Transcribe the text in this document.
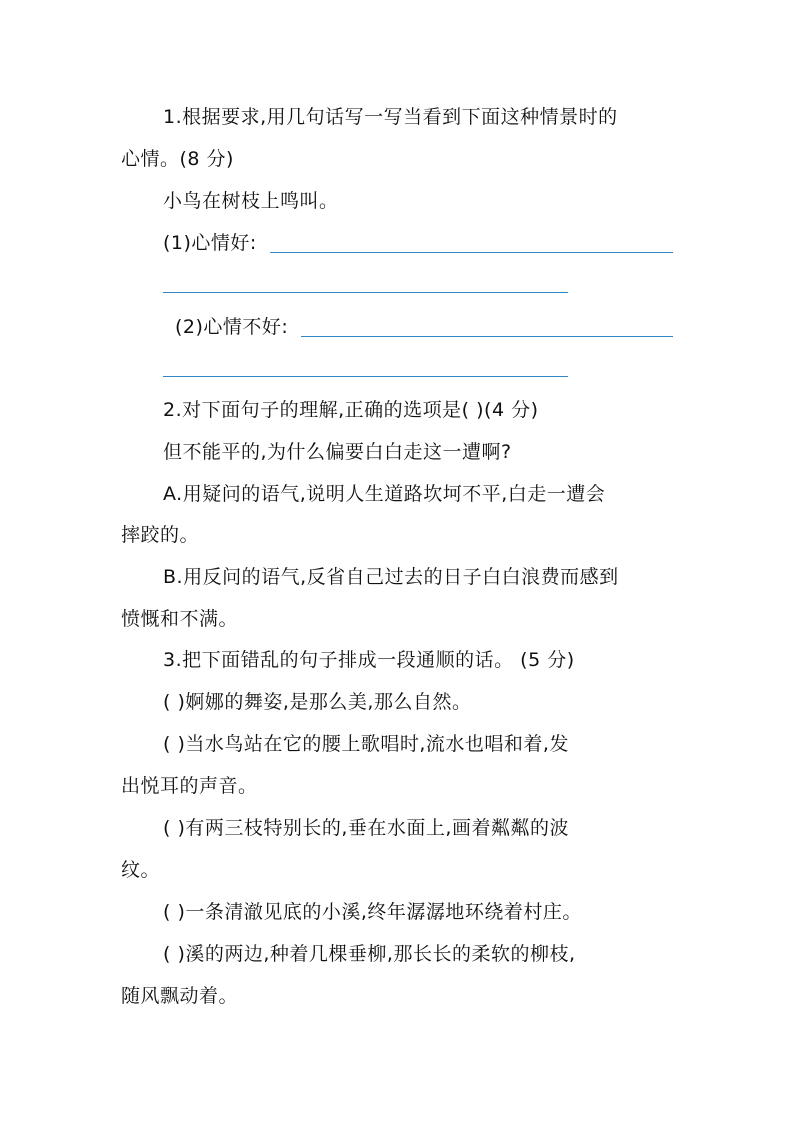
1.根据要求,用几句话写一写当看到下面这种情景时的
心情。(8 分)
小鸟在树枝上鸣叫。
(1)心情好:
(2)心情不好:
2.对下面句子的理解,正确的选项是( )(4 分)
但不能平的,为什么偏要白白走这一遭啊?
A.用疑问的语气,说明人生道路坎坷不平,白走一遭会
摔跤的。
B.用反问的语气,反省自己过去的日子白白浪费而感到
愤慨和不满。
3.把下面错乱的句子排成一段通顺的话。 (5 分)
( )婀娜的舞姿,是那么美,那么自然。
( )当水鸟站在它的腰上歌唱时,流水也唱和着,发
出悦耳的声音。
( )有两三枝特别长的,垂在水面上,画着粼粼的波
纹。
( )一条清澈见底的小溪,终年潺潺地环绕着村庄。
( )溪的两边,种着几棵垂柳,那长长的柔软的柳枝,
随风飘动着。
